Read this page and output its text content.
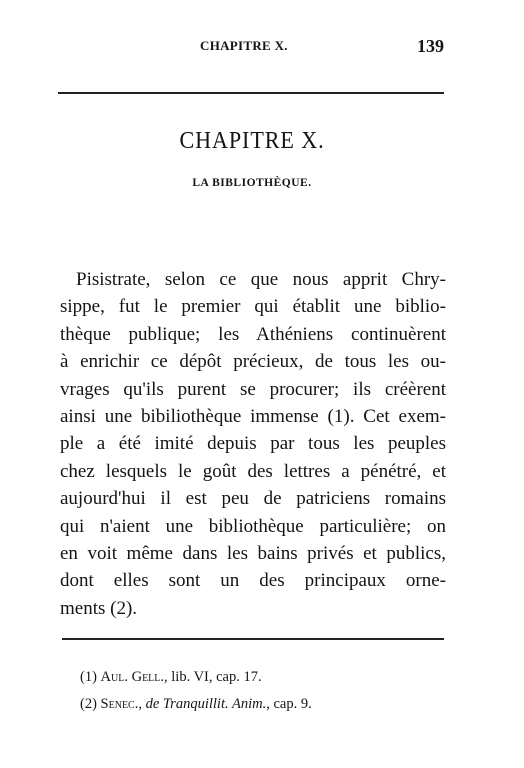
CHAPITRE X.	139
CHAPITRE X.
LA BIBLIOTHÈQUE.
Pisistrate, selon ce que nous apprit Chry-
sippe, fut le premier qui établit une biblio-
thèque publique; les Athéniens continuèrent
à enrichir ce dépôt précieux, de tous les ou-
vrages qu'ils purent se procurer; ils créèrent
ainsi une bibiliothèque immense (1). Cet exem-
ple a été imité depuis par tous les peuples
chez lesquels le goût des lettres a pénétré, et
aujourd'hui il est peu de patriciens romains
qui n'aient une bibliothèque particulière; on
en voit même dans les bains privés et publics,
dont elles sont un des principaux orne-
ments (2).
(1) Aul. Gell., lib. VI, cap. 17.
(2) Senec., de Tranquillit. Anim., cap. 9.
